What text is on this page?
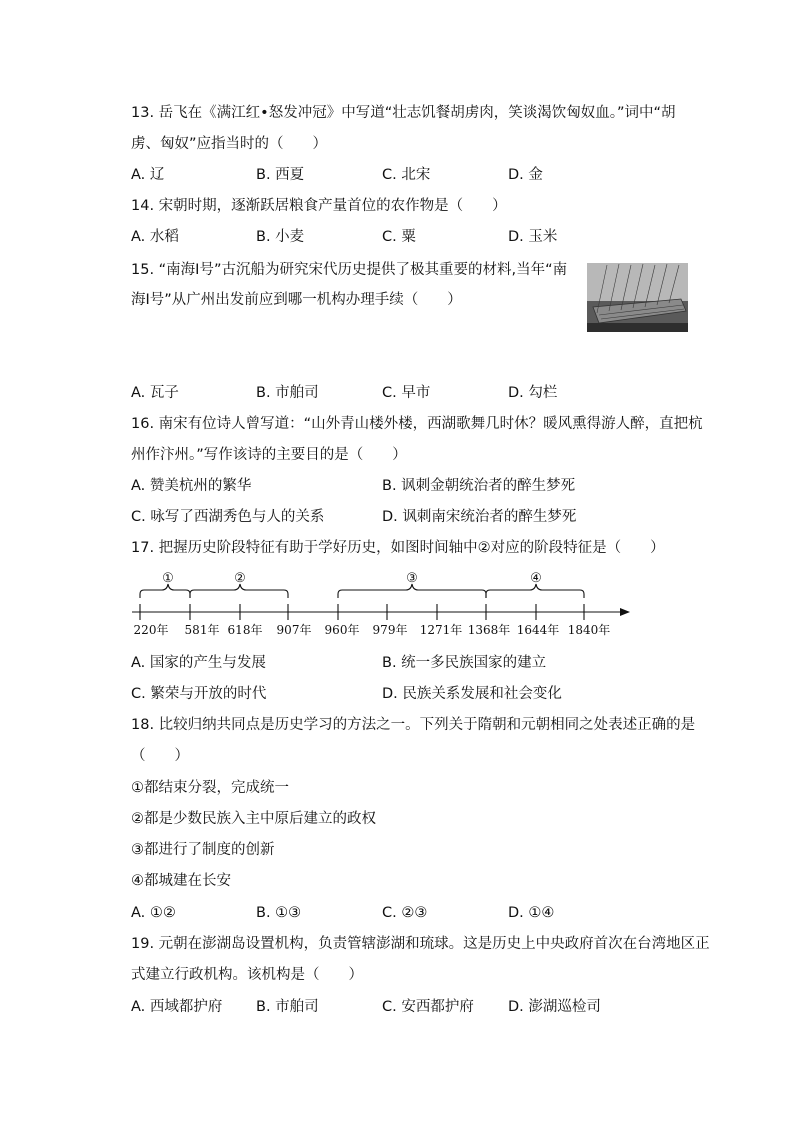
13. 岳飞在《满江红•怒发冲冠》中写道“壮志饥餐胡虏肉，笑谈渴饮匈奴血。”词中“胡
虏、匈奴”应指当时的（　　）
A. 辽	B. 西夏	C. 北宋	D. 金
14. 宋朝时期，逐渐跃居粮食产量首位的农作物是（　　）
A. 水稻	B. 小麦	C. 粟	D. 玉米
15. “南海Ⅰ号”古沉船为研究宋代历史提供了极其重要的材料,当年“南
海Ⅰ号”从广州出发前应到哪一机构办理手续（　　）
A. 瓦子	B. 市舶司	C. 早市	D. 勾栏
16. 南宋有位诗人曾写道：“山外青山楼外楼，西湖歌舞几时休？暖风熏得游人醉，直把杭
州作汴州。”写作该诗的主要目的是（　　）
A. 赞美杭州的繁华	B. 讽刺金朝统治者的醉生梦死
C. 咏写了西湖秀色与人的关系	D. 讽刺南宋统治者的醉生梦死
17. 把握历史阶段特征有助于学好历史，如图时间轴中②对应的阶段特征是（　　）
①	②	③	④
220年 581年 618年 907年 960年 979年 1271年 1368年 1644年 1840年
A. 国家的产生与发展	B. 统一多民族国家的建立
C. 繁荣与开放的时代	D. 民族关系发展和社会变化
18. 比较归纳共同点是历史学习的方法之一。下列关于隋朝和元朝相同之处表述正确的是
（　　）
①都结束分裂，完成统一
②都是少数民族入主中原后建立的政权
③都进行了制度的创新
④都城建在长安
A. ①②	B. ①③	C. ②③	D. ①④
19. 元朝在澎湖岛设置机构，负责管辖澎湖和琉球。这是历史上中央政府首次在台湾地区正
式建立行政机构。该机构是（　　）
A. 西域都护府 B. 市舶司	C. 安西都护府 D. 澎湖巡检司
